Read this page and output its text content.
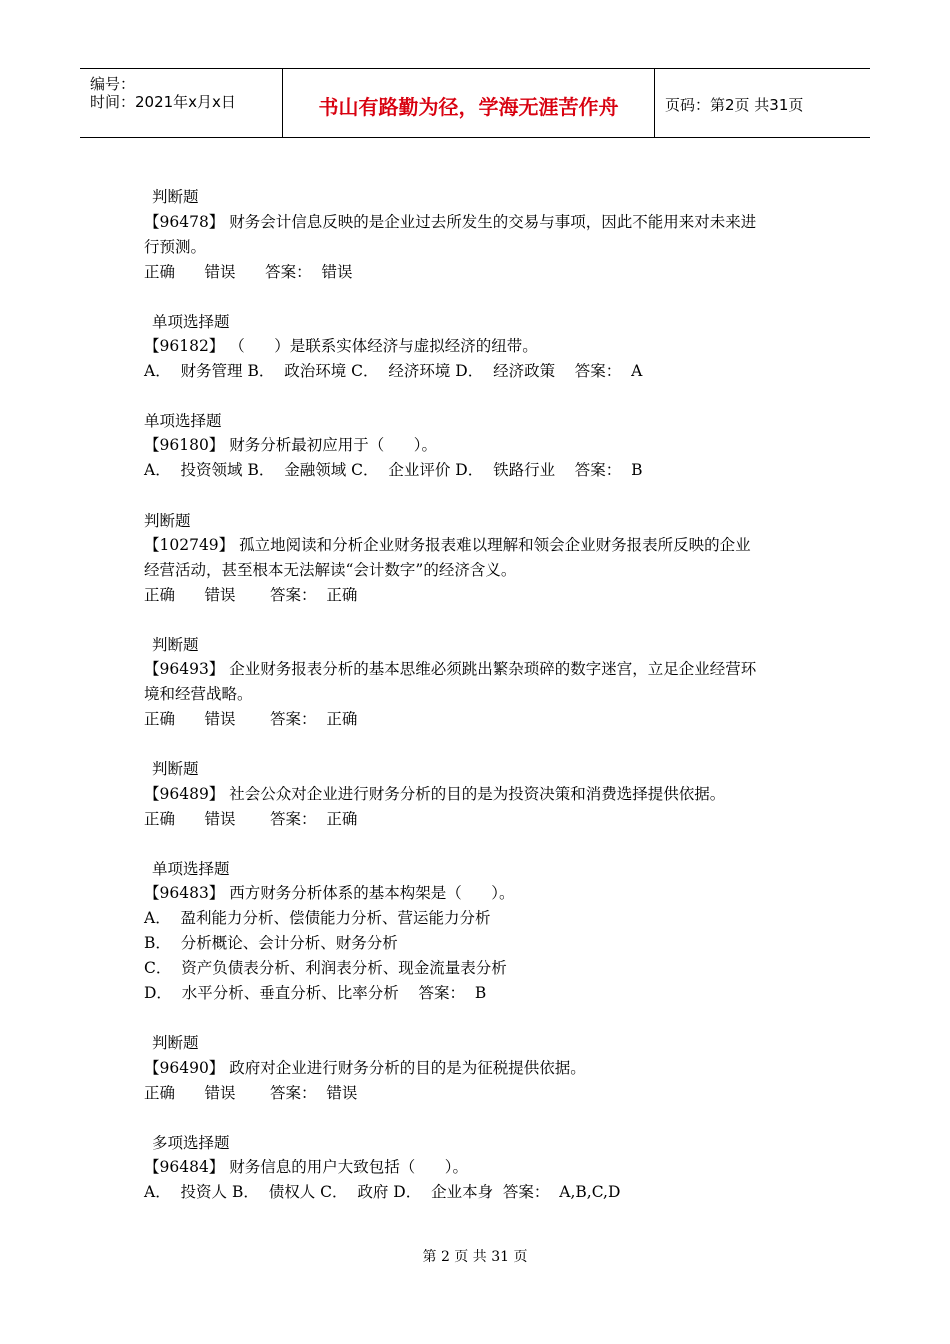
编号：
时间：2021年x月x日	书山有路勤为径，学海无涯苦作舟	页码：第2页 共31页
判断题
【96478】 财务会计信息反映的是企业过去所发生的交易与事项，因此不能用来对未来进
行预测。
正确      错误      答案：  错误
单项选择题
【96182】 （      ）是联系实体经济与虚拟经济的纽带。
A．  财务管理 B．  政治环境 C．  经济环境 D．  经济政策    答案：  A
单项选择题
【96180】 财务分析最初应用于（      ）。
A．  投资领域 B．  金融领域 C．  企业评价 D．  铁路行业    答案：  B
判断题
【102749】 孤立地阅读和分析企业财务报表难以理解和领会企业财务报表所反映的企业
经营活动，甚至根本无法解读“会计数字”的经济含义。
正确      错误       答案：  正确
判断题
【96493】 企业财务报表分析的基本思维必须跳出繁杂琐碎的数字迷宫，立足企业经营环
境和经营战略。
正确      错误       答案：  正确
判断题
【96489】 社会公众对企业进行财务分析的目的是为投资决策和消费选择提供依据。
正确      错误       答案：  正确
单项选择题
【96483】 西方财务分析体系的基本构架是（      ）。
A．  盈利能力分析、偿债能力分析、营运能力分析
B．  分析概论、会计分析、财务分析
C．  资产负债表分析、利润表分析、现金流量表分析
D．  水平分析、垂直分析、比率分析    答案：  B
判断题
【96490】 政府对企业进行财务分析的目的是为征税提供依据。
正确      错误       答案：  错误
多项选择题
【96484】 财务信息的用户大致包括（      ）。
A．  投资人 B．  债权人 C．  政府 D．  企业本身  答案：  A,B,C,D
第 2 页 共 31 页
